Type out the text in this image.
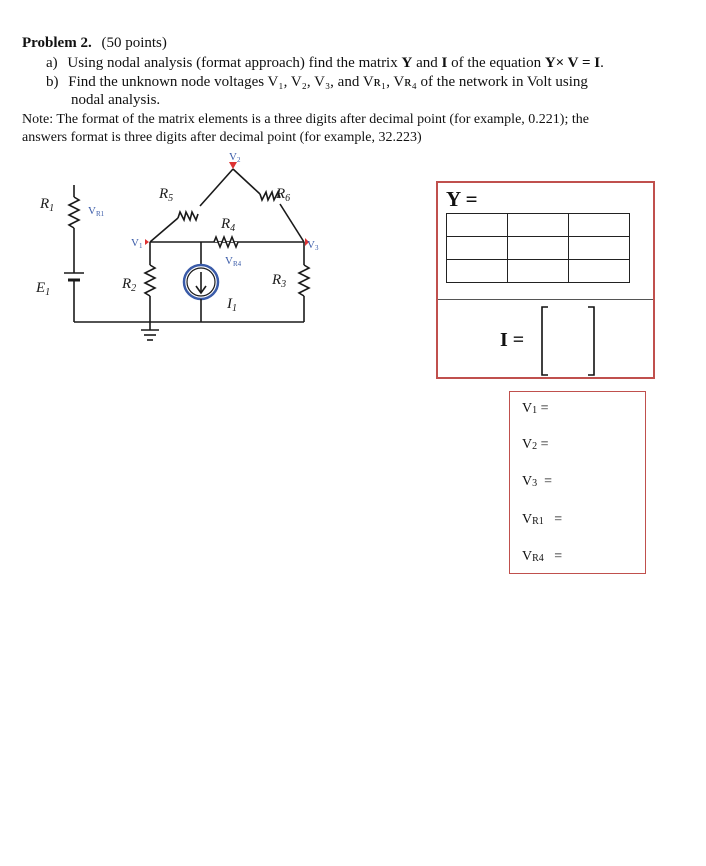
Problem 2. (50 points)
a) Using nodal analysis (format approach) find the matrix Y and I of the equation Y× V = I.
b) Find the unknown node voltages V₁, V₂, V₃, and Vʀ₁, Vʀ₄ of the network in Volt using
nodal analysis.
Note: The format of the matrix elements is a three digits after decimal point (for example, 0.221); the
answers format is three digits after decimal point (for example, 32.223)
$R_1$
$E_1$
$R_2$
$R_3$
$R_4$
$R_5$	$R_6$
$I_1$
VR1
V1
V2
V3
VR4
Y =

I =
$V_1$ =
$V_2$ =
$V_3$  =
$V_{R1}$   =
$V_{R4}$   =
